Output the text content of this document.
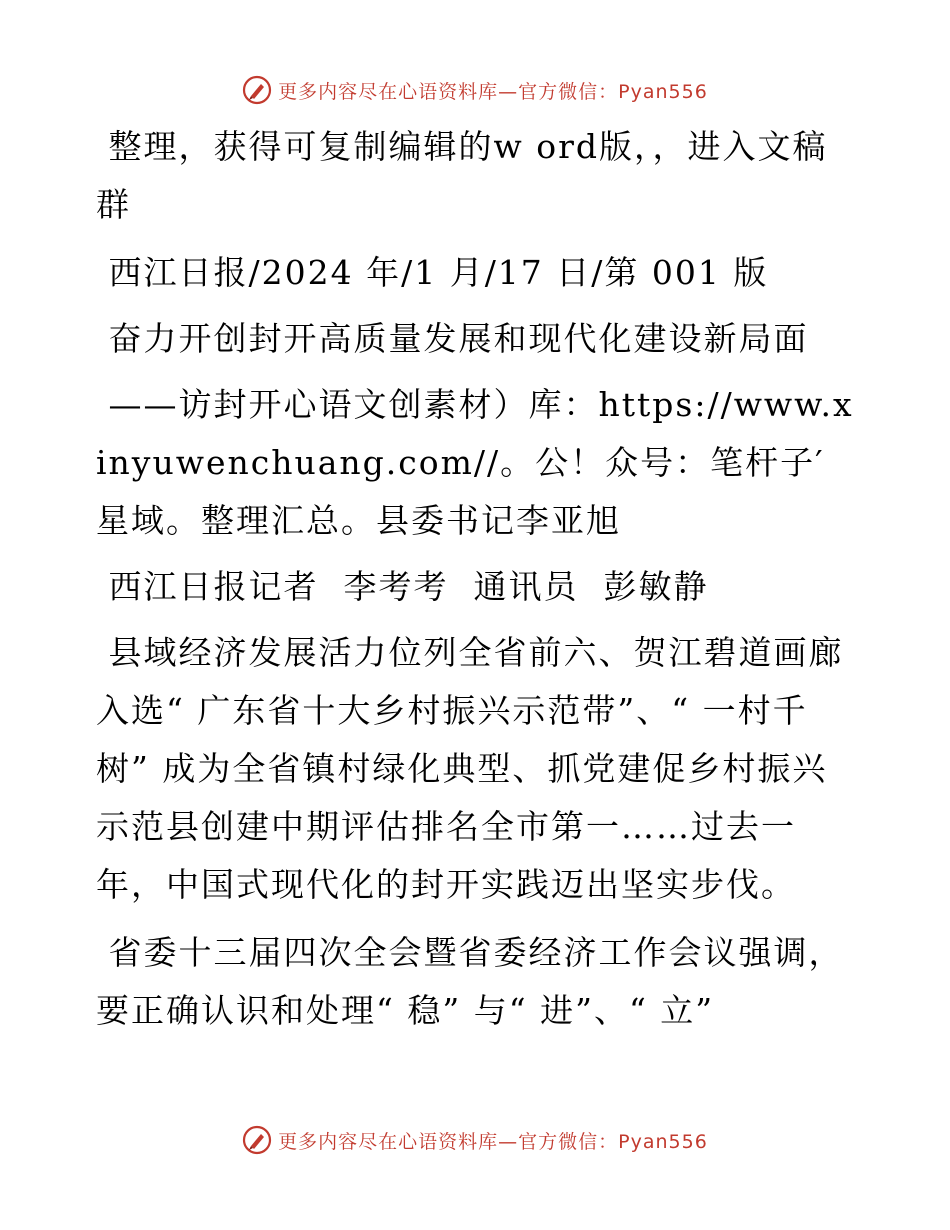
更多内容尽在心语资料库—官方微信：Pyan556

整理，获得可复制编辑的w ord版，，进入文稿群

西江日报/2024 年/1 月/17 日/第 001 版

奋力开创封开高质量发展和现代化建设新局面

——访封开心语文创素材）库：https://www.xinyuwenchuang.com//。公！众号：笔杆子′星域。整理汇总。县委书记李亚旭

西江日报记者  李考考  通讯员  彭敏静

县域经济发展活力位列全省前六、贺江碧道画廊入选“ 广东省十大乡村振兴示范带”、“ 一村千树” 成为全省镇村绿化典型、抓党建促乡村振兴示范县创建中期评估排名全市第一……过去一年，中国式现代化的封开实践迈出坚实步伐。

省委十三届四次全会暨省委经济工作会议强调，要正确认识和处理“ 稳” 与“ 进”、“ 立”

更多内容尽在心语资料库—官方微信：Pyan556
